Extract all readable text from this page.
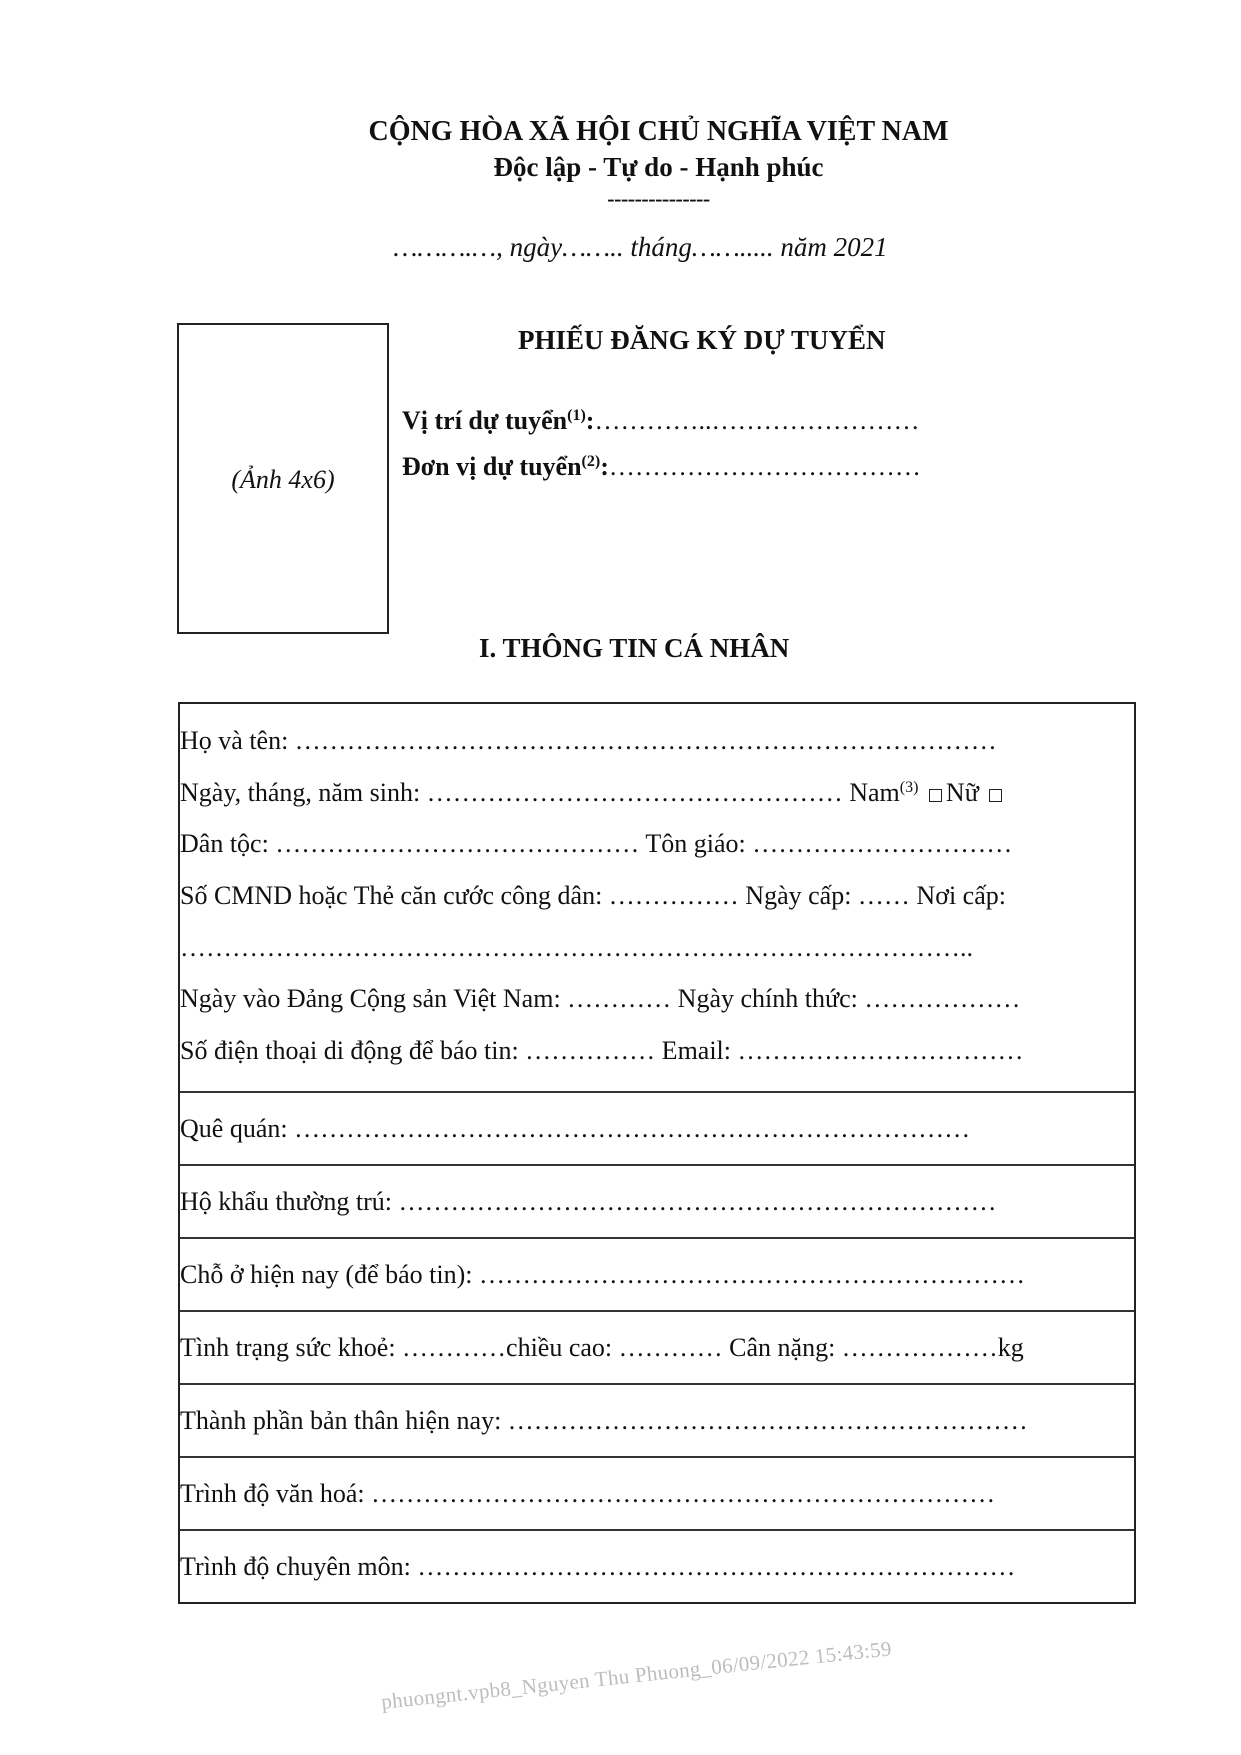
CỘNG HÒA XÃ HỘI CHỦ NGHĨA VIỆT NAM
Độc lập - Tự do - Hạnh phúc
---------------
……….…, ngày…….. tháng……..... năm 2021
(Ảnh 4x6)
PHIẾU ĐĂNG KÝ DỰ TUYỂN
Vị trí dự tuyển$^{(1)}$:…………..……………………
Đơn vị dự tuyển$^{(2)}$:………………………………
I. THÔNG TIN CÁ NHÂN
Họ và tên: ………………………………………………………………………
Ngày, tháng, năm sinh: ………………………………………… Nam$^{(3)}$ Nữ
Dân tộc: …………………………………… Tôn giáo: …………………………
Số CMND hoặc Thẻ căn cước công dân: …………… Ngày cấp: …… Nơi cấp:
………………………………………………………………………………..
Ngày vào Đảng Cộng sản Việt Nam: ………… Ngày chính thức: ………………
Số điện thoại di động để báo tin: …………… Email: ……………………………
Quê quán: ……………………………………………………………………
Hộ khẩu thường trú: ……………………………………………………………
Chỗ ở hiện nay (để báo tin): ………………………………………………………
Tình trạng sức khoẻ: …………chiều cao: ………… Cân nặng: ………………kg
Thành phần bản thân hiện nay: ……………………………………………………
Trình độ văn hoá: ………………………………………………………………
Trình độ chuyên môn: ……………………………………………………………
phuongnt.vpb8_Nguyen Thu Phuong_06/09/2022 15:43:59
